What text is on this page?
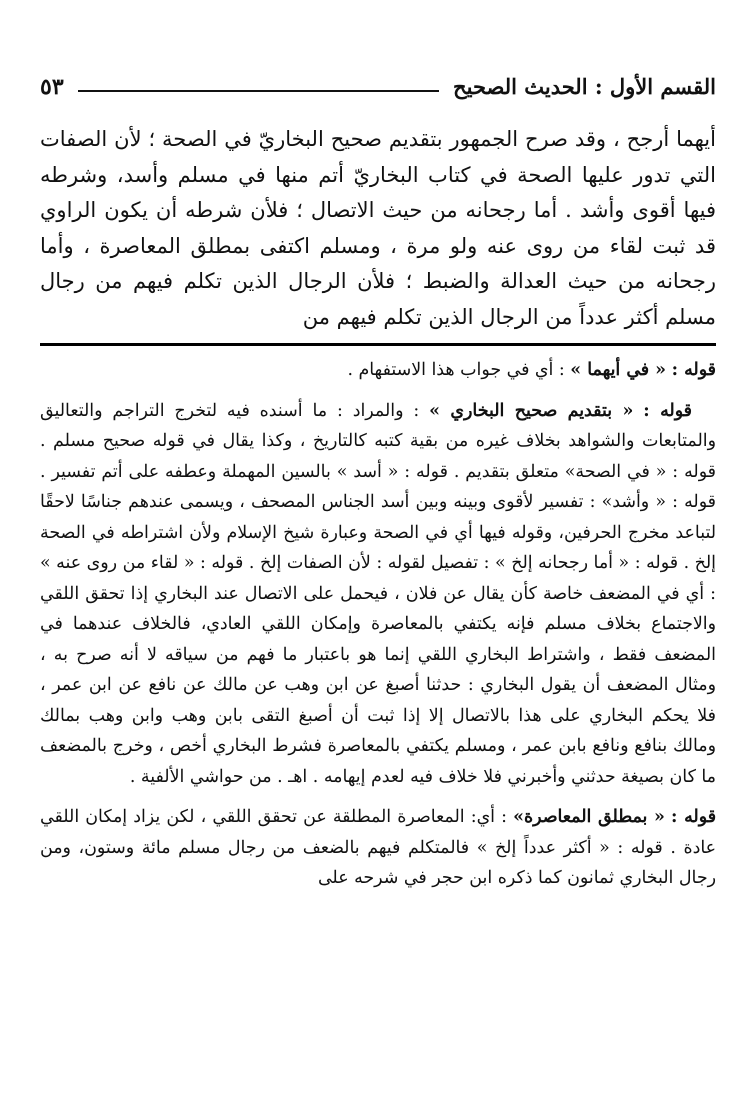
القسم الأول : الحديث الصحيح
٥٣

أيهما أرجح ، وقد صرح الجمهور بتقديم صحيح البخاريّ في الصحة ؛ لأن الصفات التي تدور عليها الصحة في كتاب البخاريّ أتم منها في مسلم وأسد، وشرطه فيها أقوى وأشد . أما رجحانه من حيث الاتصال ؛ فلأن شرطه أن يكون الراوي قد ثبت لقاء من روى عنه ولو مرة ، ومسلم اكتفى بمطلق المعاصرة ، وأما رجحانه من حيث العدالة والضبط ؛ فلأن الرجال الذين تكلم فيهم من رجال مسلم أكثر عدداً من الرجال الذين تكلم فيهم من

قوله : « في أيهما » : أي في جواب هذا الاستفهام .

قوله : « بتقديم صحيح البخاري » : والمراد : ما أسنده فيه لتخرج التراجم والتعاليق والمتابعات والشواهد بخلاف غيره من بقية كتبه كالتاريخ ، وكذا يقال في قوله صحيح مسلم . قوله : « في الصحة» متعلق بتقديم . قوله : « أسد » بالسين المهملة وعطفه على أتم تفسير . قوله : « وأشد» : تفسير لأقوى وبينه وبين أسد الجناس المصحف ، ويسمى عندهم جناسًا لاحقًا لتباعد مخرج الحرفين، وقوله فيها أي في الصحة وعبارة شيخ الإسلام ولأن اشتراطه في الصحة إلخ . قوله : « أما رجحانه إلخ » : تفصيل لقوله : لأن الصفات إلخ . قوله : « لقاء من روى عنه » : أي في المضعف خاصة كأن يقال عن فلان ، فيحمل على الاتصال عند البخاري إذا تحقق اللقي والاجتماع بخلاف مسلم فإنه يكتفي بالمعاصرة وإمكان اللقي العادي، فالخلاف عندهما في المضعف فقط ، واشتراط البخاري اللقي إنما هو باعتبار ما فهم من سياقه لا أنه صرح به ، ومثال المضعف أن يقول البخاري : حدثنا أصبغ عن ابن وهب عن مالك عن نافع عن ابن عمر ، فلا يحكم البخاري على هذا بالاتصال إلا إذا ثبت أن أصبغ التقى بابن وهب وابن وهب بمالك ومالك بنافع ونافع بابن عمر ، ومسلم يكتفي بالمعاصرة فشرط البخاري أخص ، وخرج بالمضعف ما كان بصيغة حدثني وأخبرني فلا خلاف فيه لعدم إيهامه . اهـ . من حواشي الألفية .

قوله : « بمطلق المعاصرة» : أي: المعاصرة المطلقة عن تحقق اللقي ، لكن يزاد إمكان اللقي عادة . قوله : « أكثر عدداً إلخ » فالمتكلم فيهم بالضعف من رجال مسلم مائة وستون، ومن رجال البخاري ثمانون كما ذكره ابن حجر في شرحه على
